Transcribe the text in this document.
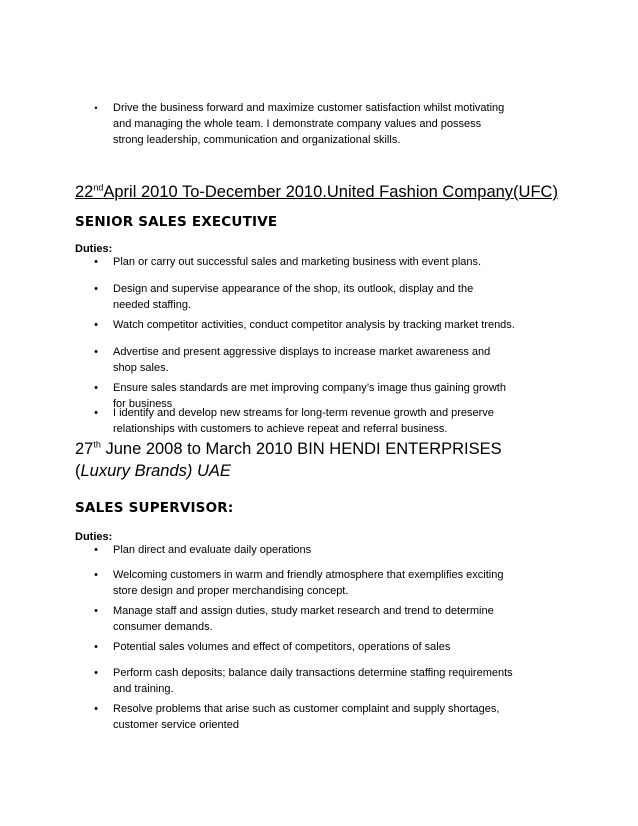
•	Drive the business forward and maximize customer satisfaction whilst motivating and managing the whole team. I demonstrate company values and possess strong leadership, communication and organizational skills.
22ndApril 2010 To-December 2010.United Fashion Company(UFC)
SENIOR SALES EXECUTIVE
Duties:
• Plan or carry out successful sales and marketing business with event plans.
• Design and supervise appearance of the shop, its outlook, display and the needed staffing.
• Watch competitor activities, conduct competitor analysis by tracking market trends.
• Advertise and present aggressive displays to increase market awareness and shop sales.
• Ensure sales standards are met improving company’s image thus gaining growth for business
• I identify and develop new streams for long-term revenue growth and preserve relationships with customers to achieve repeat and referral business.
27th June 2008 to March 2010 BIN HENDI ENTERPRISES (Luxury Brands) UAE
SALES SUPERVISOR:
Duties:
• Plan direct and evaluate daily operations
• Welcoming customers in warm and friendly atmosphere that exemplifies exciting store design and proper merchandising concept.
• Manage staff and assign duties, study market research and trend to determine consumer demands.
• Potential sales volumes and effect of competitors, operations of sales
• Perform cash deposits; balance daily transactions determine staffing requirements and training.
• Resolve problems that arise such as customer complaint and supply shortages, customer service oriented
